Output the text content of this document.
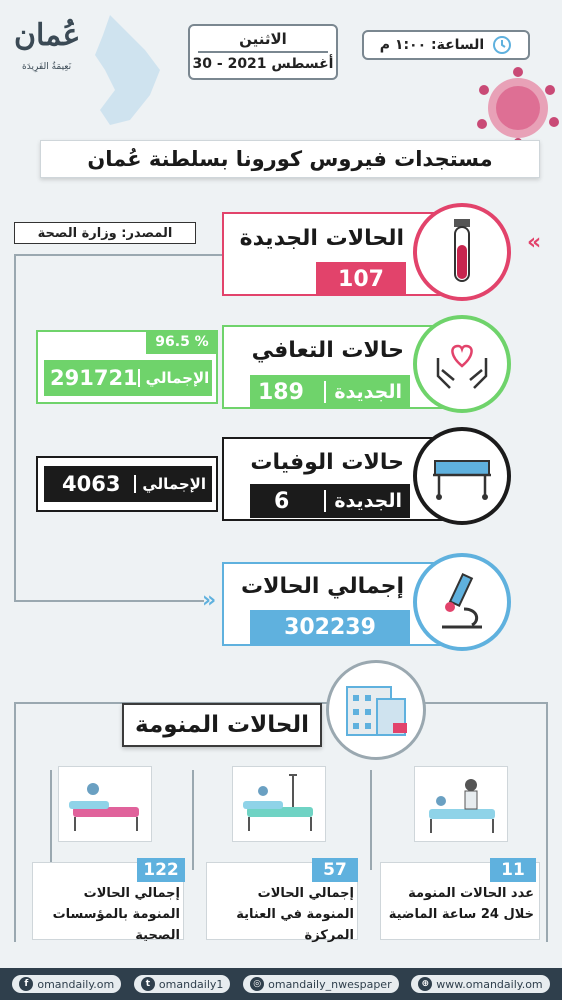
عُمان
نَعِيمَةُ الفَرِيدَة
الاثنين
30 - أغسطس 2021
الساعة: ١:٠٠ م
مستجدات فيروس كورونا بسلطنة عُمان
المصدر: وزارة الصحة	الحالات الجديدة
107
«
حالات التعافي
189	الجديدة
96.5 %
291721 الإجمالي
حالات الوفيات
6	الجديدة
4063	الإجمالي
إجمالي الحالات
302239
»
الحالات المنومة
122
إجمالي الحالات المنومة بالمؤسسات الصحية
57
إجمالي الحالات المنومة في العناية المركزة
11
عدد الحالات المنومة خلال 24 ساعة الماضية
f omandaily.om	t omandaily1	◎ omandaily_nwespaper	⊕ www.omandaily.om
